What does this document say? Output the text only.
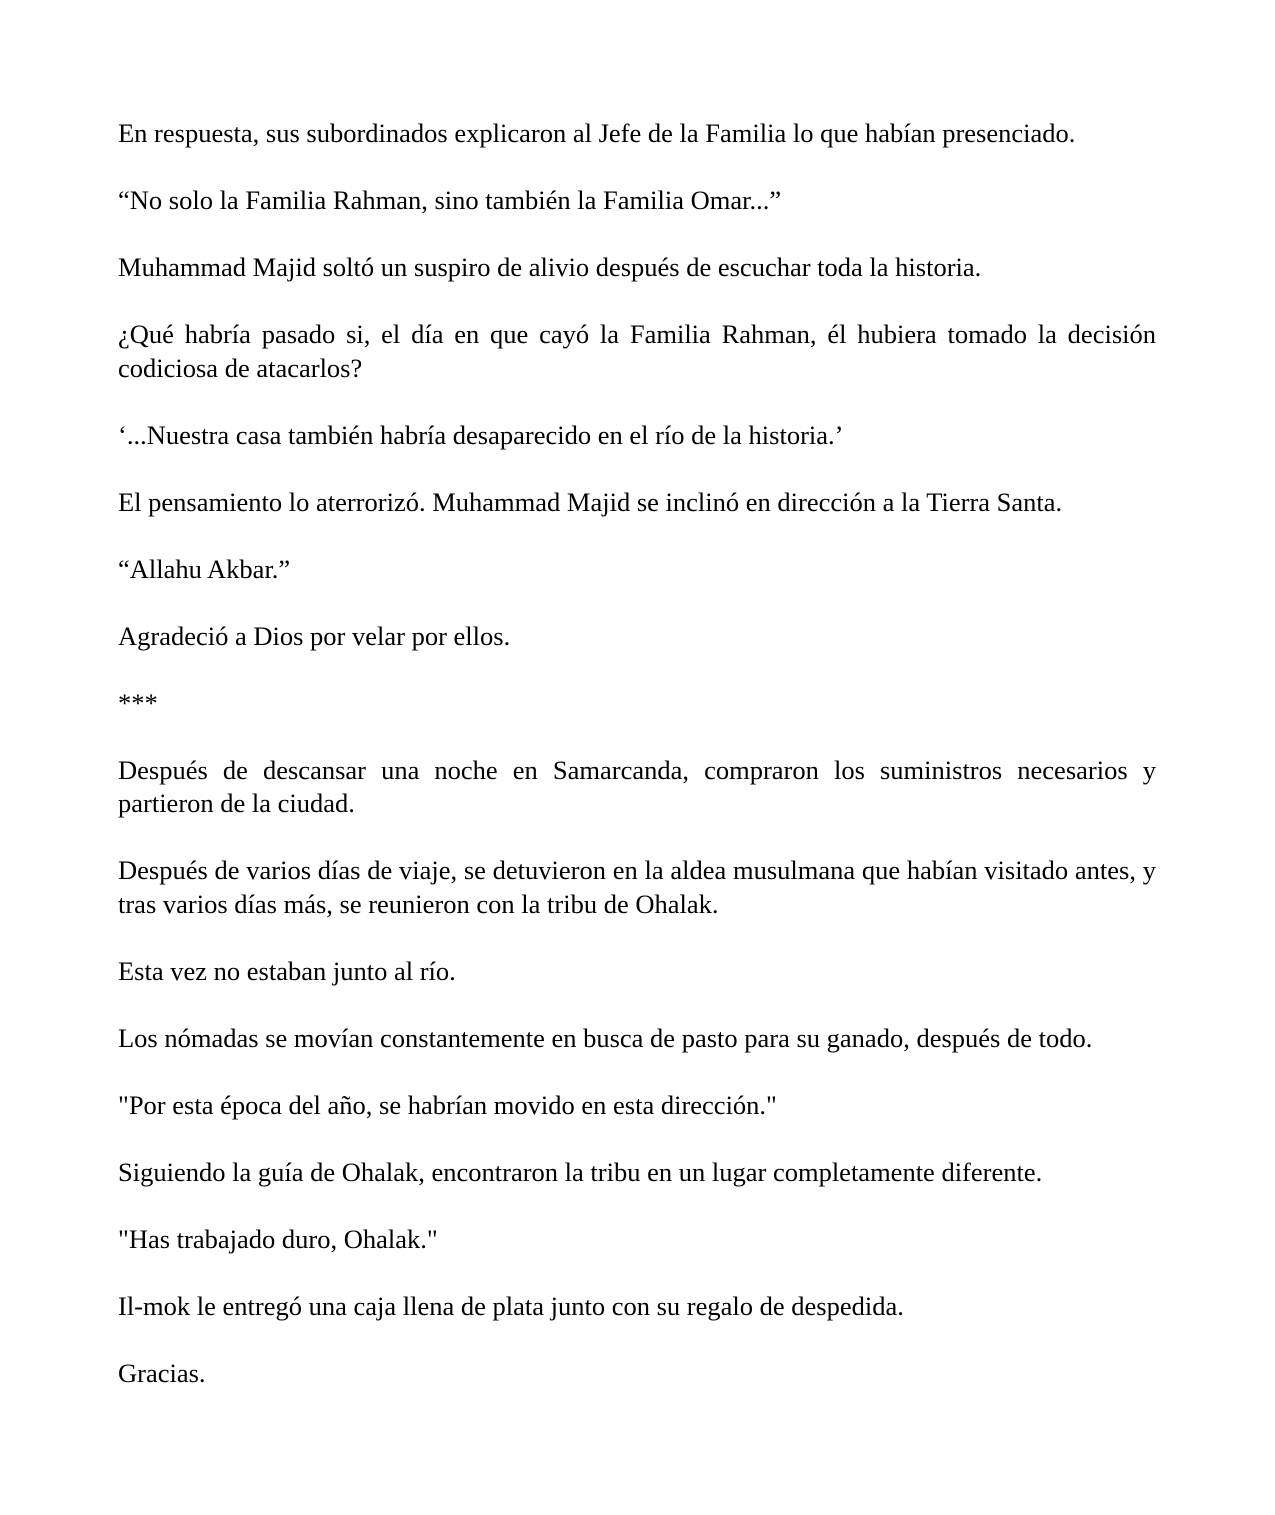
En respuesta, sus subordinados explicaron al Jefe de la Familia lo que habían presenciado.

“No solo la Familia Rahman, sino también la Familia Omar...”

Muhammad Majid soltó un suspiro de alivio después de escuchar toda la historia.

¿Qué habría pasado si, el día en que cayó la Familia Rahman, él hubiera tomado la decisión codiciosa de atacarlos?

‘...Nuestra casa también habría desaparecido en el río de la historia.’

El pensamiento lo aterrorizó. Muhammad Majid se inclinó en dirección a la Tierra Santa.

“Allahu Akbar.”

Agradeció a Dios por velar por ellos.

***

Después de descansar una noche en Samarcanda, compraron los suministros necesarios y partieron de la ciudad.

Después de varios días de viaje, se detuvieron en la aldea musulmana que habían visitado antes, y tras varios días más, se reunieron con la tribu de Ohalak.

Esta vez no estaban junto al río.

Los nómadas se movían constantemente en busca de pasto para su ganado, después de todo.

"Por esta época del año, se habrían movido en esta dirección."

Siguiendo la guía de Ohalak, encontraron la tribu en un lugar completamente diferente.

"Has trabajado duro, Ohalak."

Il-mok le entregó una caja llena de plata junto con su regalo de despedida.

Gracias.
